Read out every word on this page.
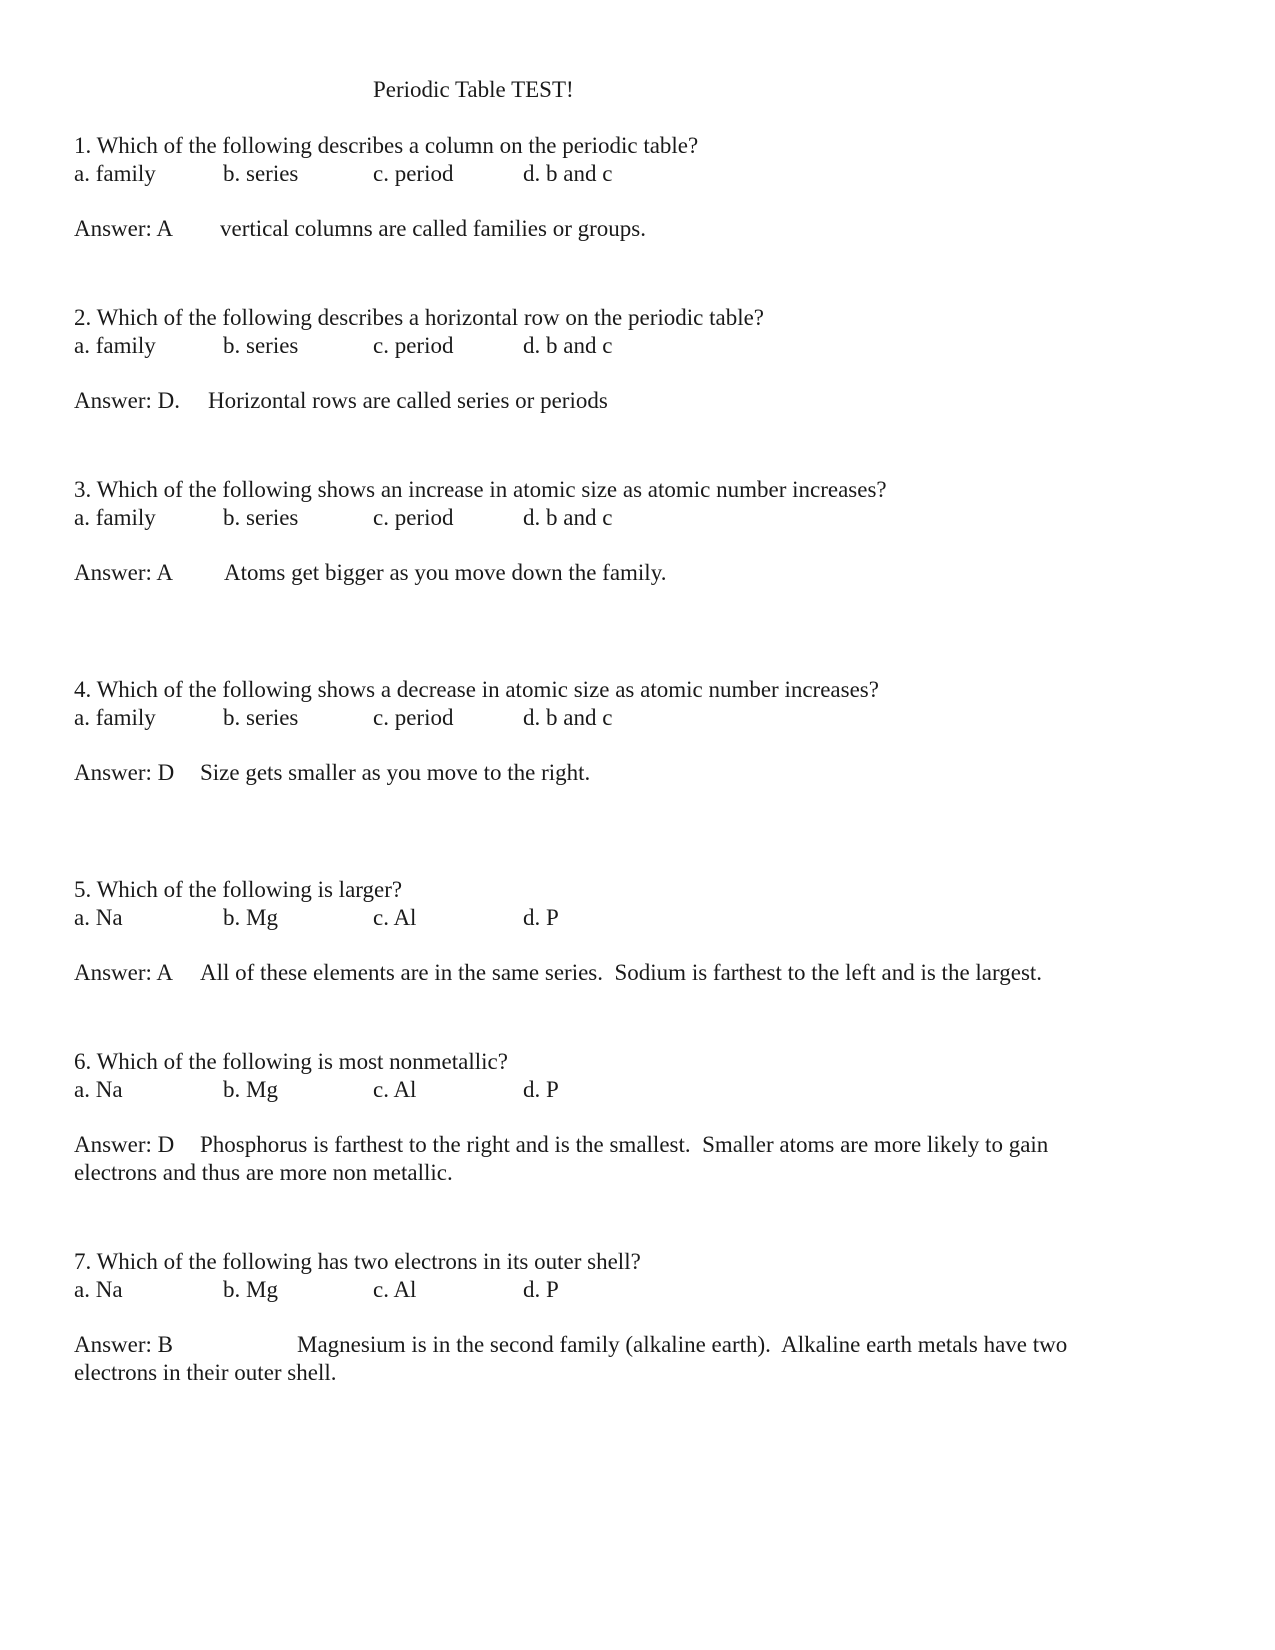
Periodic Table TEST!
1. Which of the following describes a column on the periodic table?
a. family	b. series	c. period	d. b and c
Answer: A vertical columns are called families or groups.
2. Which of the following describes a horizontal row on the periodic table?
a. family	b. series	c. period	d. b and c
Answer: D. Horizontal rows are called series or periods
3. Which of the following shows an increase in atomic size as atomic number increases?
a. family	b. series	c. period	d. b and c
Answer: A Atoms get bigger as you move down the family.
4. Which of the following shows a decrease in atomic size as atomic number increases?
a. family	b. series	c. period	d. b and c
Answer: D Size gets smaller as you move to the right.
5. Which of the following is larger?
a. Na	b. Mg	c. Al	d. P
Answer: A All of these elements are in the same series.  Sodium is farthest to the left and is the largest.
6. Which of the following is most nonmetallic?
a. Na	b. Mg	c. Al	d. P
Answer: D Phosphorus is farthest to the right and is the smallest.  Smaller atoms are more likely to gain
electrons and thus are more non metallic.
7. Which of the following has two electrons in its outer shell?
a. Na	b. Mg	c. Al	d. P
Answer: B	Magnesium is in the second family (alkaline earth).  Alkaline earth metals have two
electrons in their outer shell.
